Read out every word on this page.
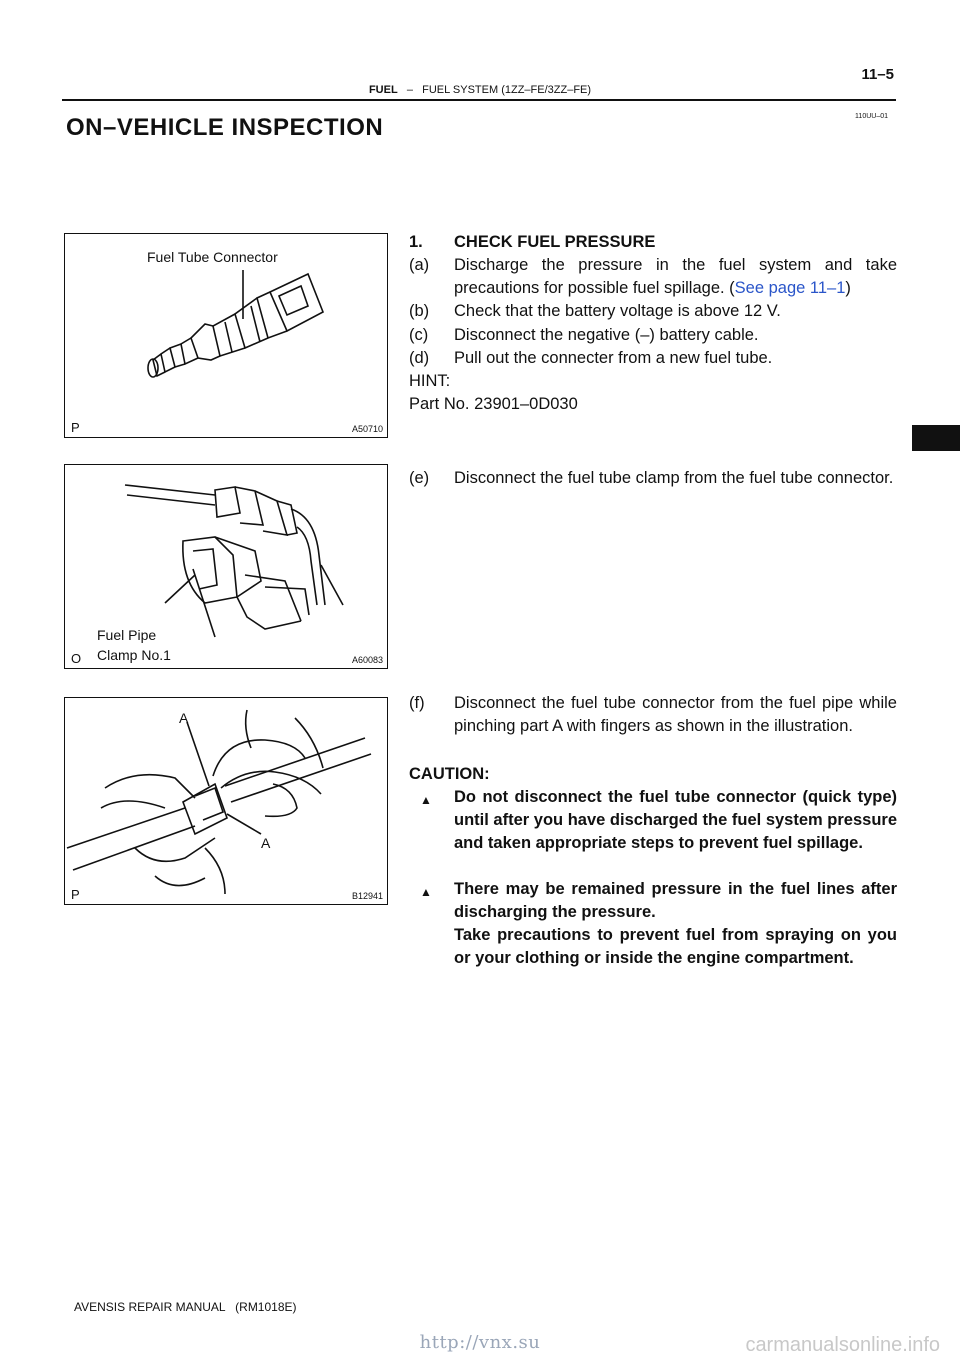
FUEL – FUEL SYSTEM (1ZZ–FE/3ZZ–FE)
11–5
110UU–01
ON–VEHICLE INSPECTION
Fuel Tube Connector
P	A50710
Fuel Pipe
Clamp No.1
O	A60083
A
A
P	B12941
1. CHECK FUEL PRESSURE
(a) Discharge the pressure in the fuel system and take precautions for possible fuel spillage. (See page 11–1)
(b) Check that the battery voltage is above 12 V.
(c) Disconnect the negative (–) battery cable.
(d) Pull out the connecter from a new fuel tube.
HINT:
Part No. 23901–0D030
(e) Disconnect the fuel tube clamp from the fuel tube connector.
(f) Disconnect the fuel tube connector from the fuel pipe while pinching part A with fingers as shown in the illustration.
CAUTION:
▲ Do not disconnect the fuel tube connector (quick type) until after you have discharged the fuel system pressure and taken appropriate steps to prevent fuel spillage.
▲ There may be remained pressure in the fuel lines after discharging the pressure.
Take precautions to prevent fuel from spraying on you or your clothing or inside the engine compartment.
AVENSIS REPAIR MANUAL   (RM1018E)
http://vnx.su	carmanualsonline.info
